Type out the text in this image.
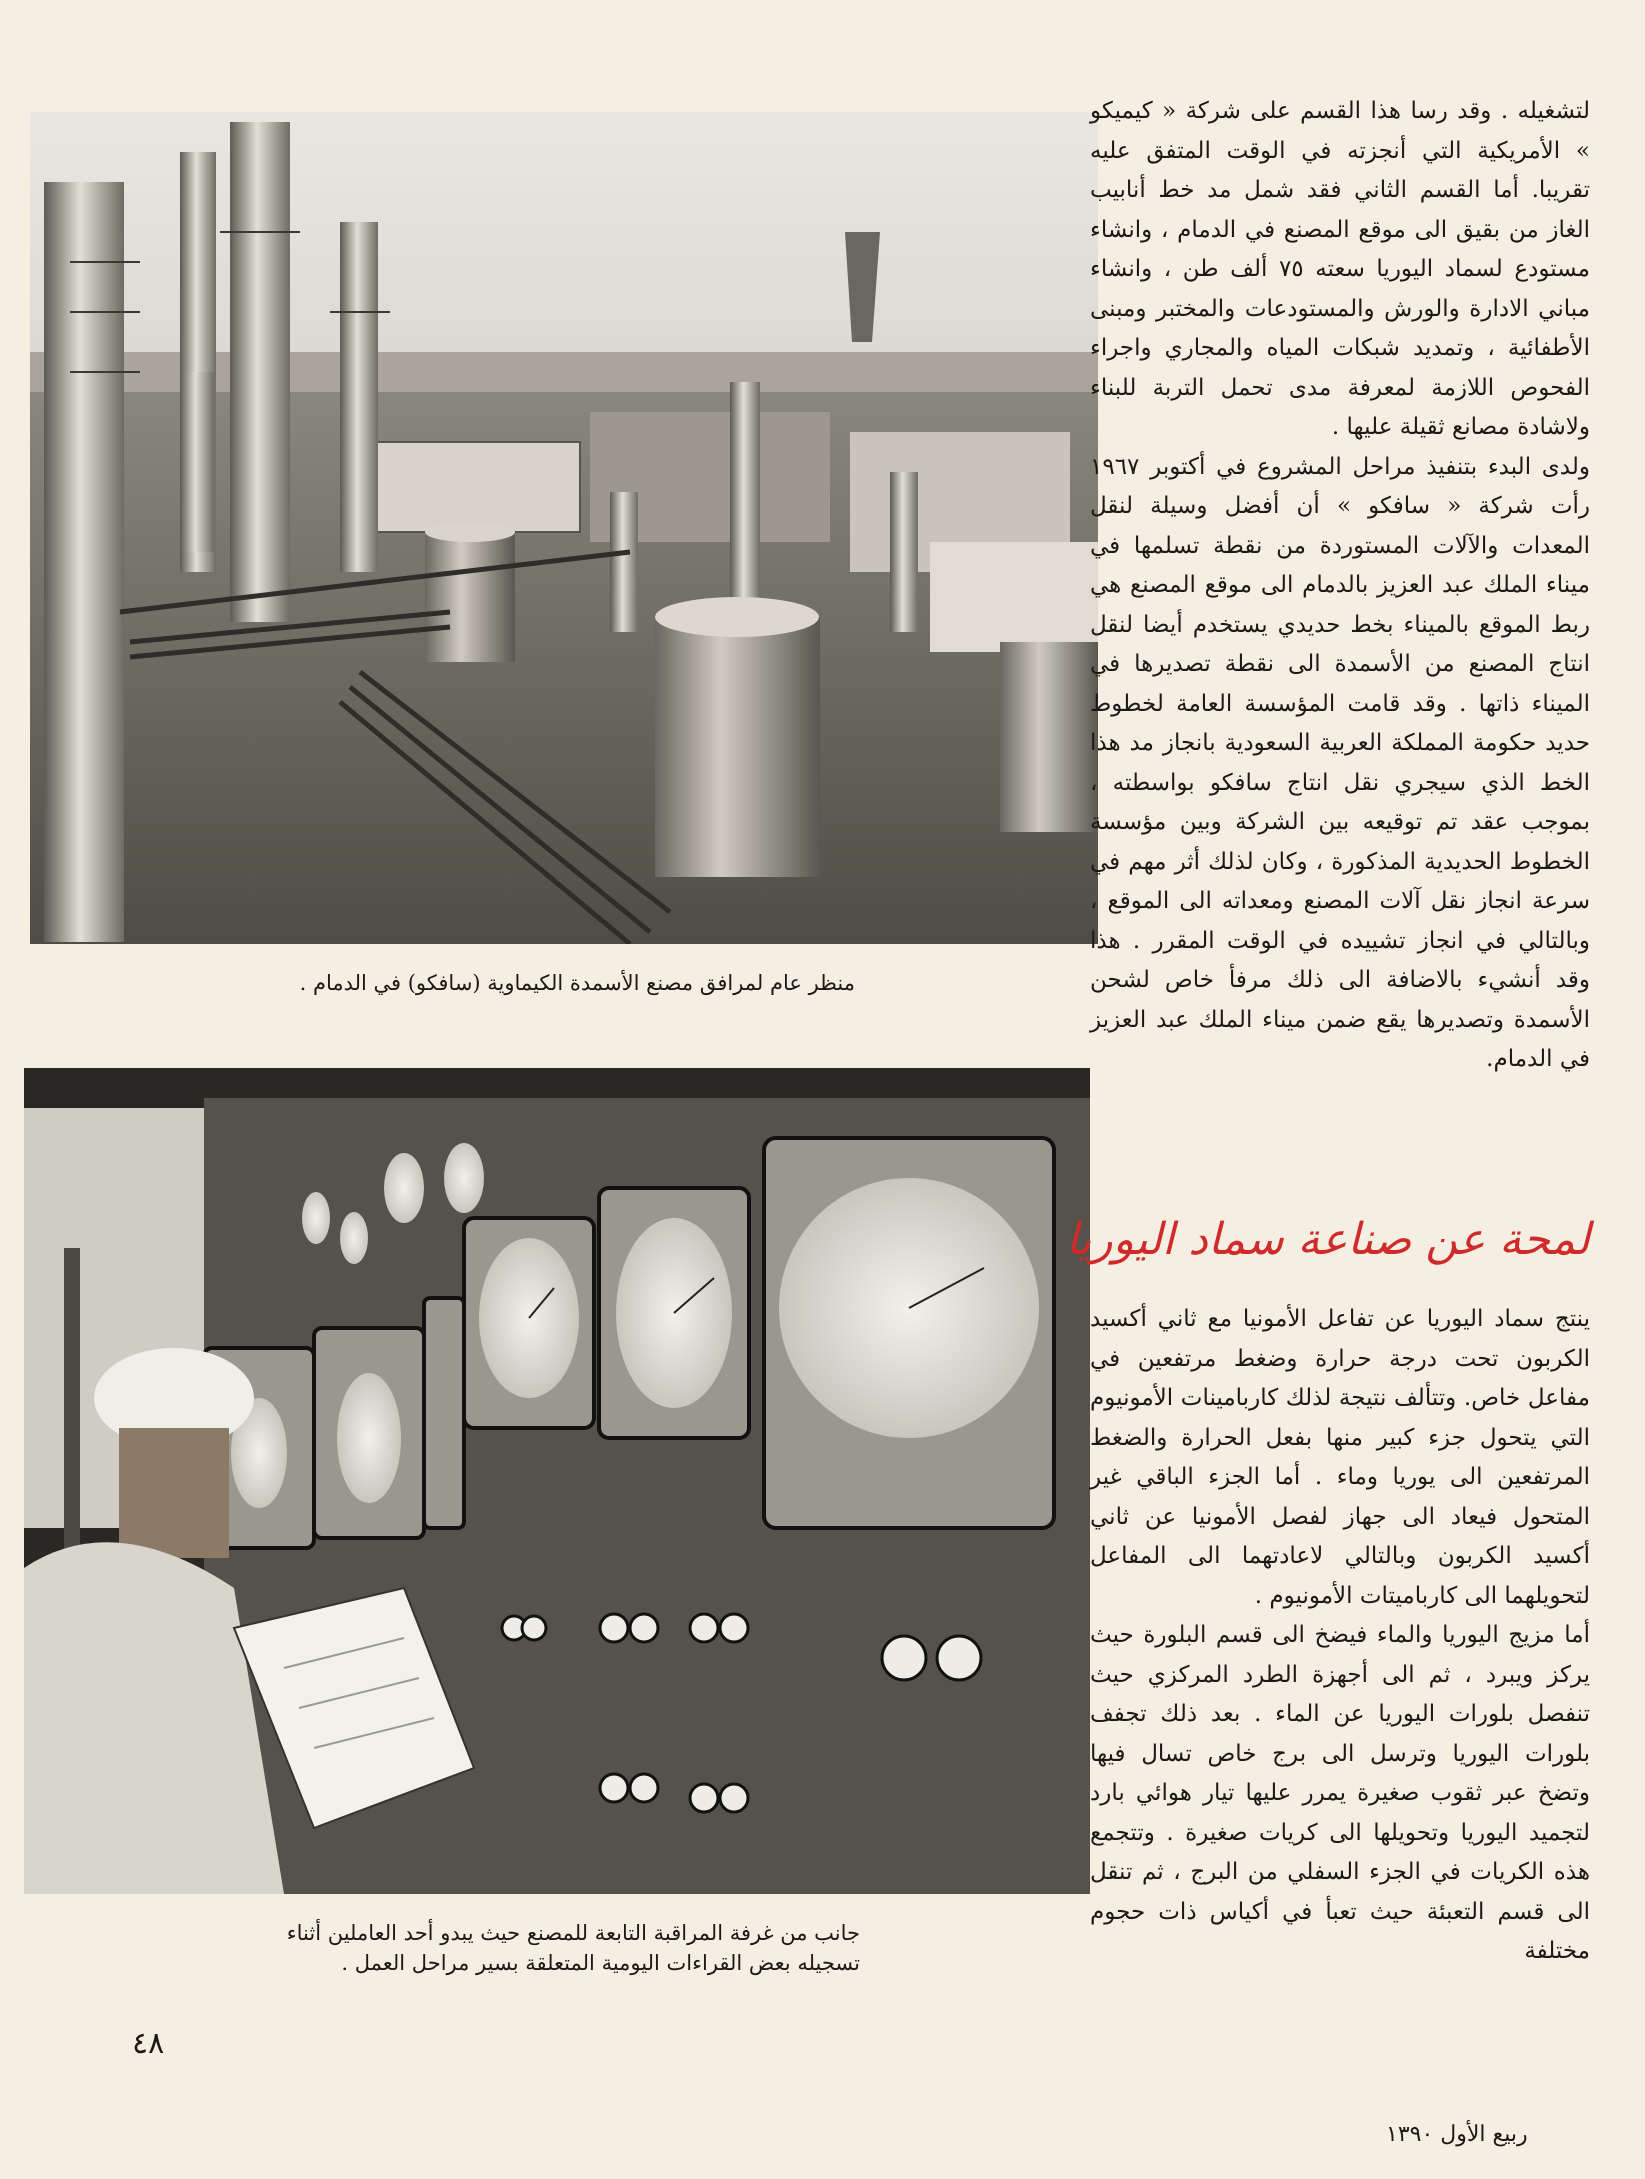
منظر عام لمرافق مصنع الأسمدة الكيماوية (سافكو) في الدمام .
جانب من غرفة المراقبة التابعة للمصنع حيث يبدو أحد العاملين أثناء تسجيله بعض القراءات اليومية المتعلقة بسير مراحل العمل .

لتشغيله . وقد رسا هذا القسم على شركة « كيميكو » الأمريكية التي أنجزته في الوقت المتفق عليه تقريبا. أما القسم الثاني فقد شمل مد خط أنابيب الغاز من بقيق الى موقع المصنع في الدمام ، وانشاء مستودع لسماد اليوريا سعته ٧٥ ألف طن ، وانشاء مباني الادارة والورش والمستودعات والمختبر ومبنى الأطفائية ، وتمديد شبكات المياه والمجاري واجراء الفحوص اللازمة لمعرفة مدى تحمل التربة للبناء ولاشادة مصانع ثقيلة عليها .

ولدى البدء بتنفيذ مراحل المشروع في أكتوبر ١٩٦٧ رأت شركة « سافكو » أن أفضل وسيلة لنقل المعدات والآلات المستوردة من نقطة تسلمها في ميناء الملك عبد العزيز بالدمام الى موقع المصنع هي ربط الموقع بالميناء بخط حديدي يستخدم أيضا لنقل انتاج المصنع من الأسمدة الى نقطة تصديرها في الميناء ذاتها . وقد قامت المؤسسة العامة لخطوط حديد حكومة المملكة العربية السعودية بانجاز مد هذا الخط الذي سيجري نقل انتاج سافكو بواسطته ، بموجب عقد تم توقيعه بين الشركة وبين مؤسسة الخطوط الحديدية المذكورة ، وكان لذلك أثر مهم في سرعة انجاز نقل آلات المصنع ومعداته الى الموقع ، وبالتالي في انجاز تشييده في الوقت المقرر . هذا وقد أنشيء بالاضافة الى ذلك مرفأ خاص لشحن الأسمدة وتصديرها يقع ضمن ميناء الملك عبد العزيز في الدمام.

لمحة عن صناعة سماد اليوريا

ينتج سماد اليوريا عن تفاعل الأمونيا مع ثاني أكسيد الكربون تحت درجة حرارة وضغط مرتفعين في مفاعل خاص. وتتألف نتيجة لذلك كاربامينات الأمونيوم التي يتحول جزء كبير منها بفعل الحرارة والضغط المرتفعين الى يوريا وماء . أما الجزء الباقي غير المتحول فيعاد الى جهاز لفصل الأمونيا عن ثاني أكسيد الكربون وبالتالي لاعادتهما الى المفاعل لتحويلهما الى كارباميتات الأمونيوم .

أما مزيج اليوريا والماء فيضخ الى قسم البلورة حيث يركز ويبرد ، ثم الى أجهزة الطرد المركزي حيث تنفصل بلورات اليوريا عن الماء . بعد ذلك تجفف بلورات اليوريا وترسل الى برج خاص تسال فيها وتضخ عبر ثقوب صغيرة يمرر عليها تيار هوائي بارد لتجميد اليوريا وتحويلها الى كريات صغيرة . وتتجمع هذه الكريات في الجزء السفلي من البرج ، ثم تنقل الى قسم التعبئة حيث تعبأ في أكياس ذات حجوم مختلفة

٤٨
ربيع الأول ١٣٩٠
